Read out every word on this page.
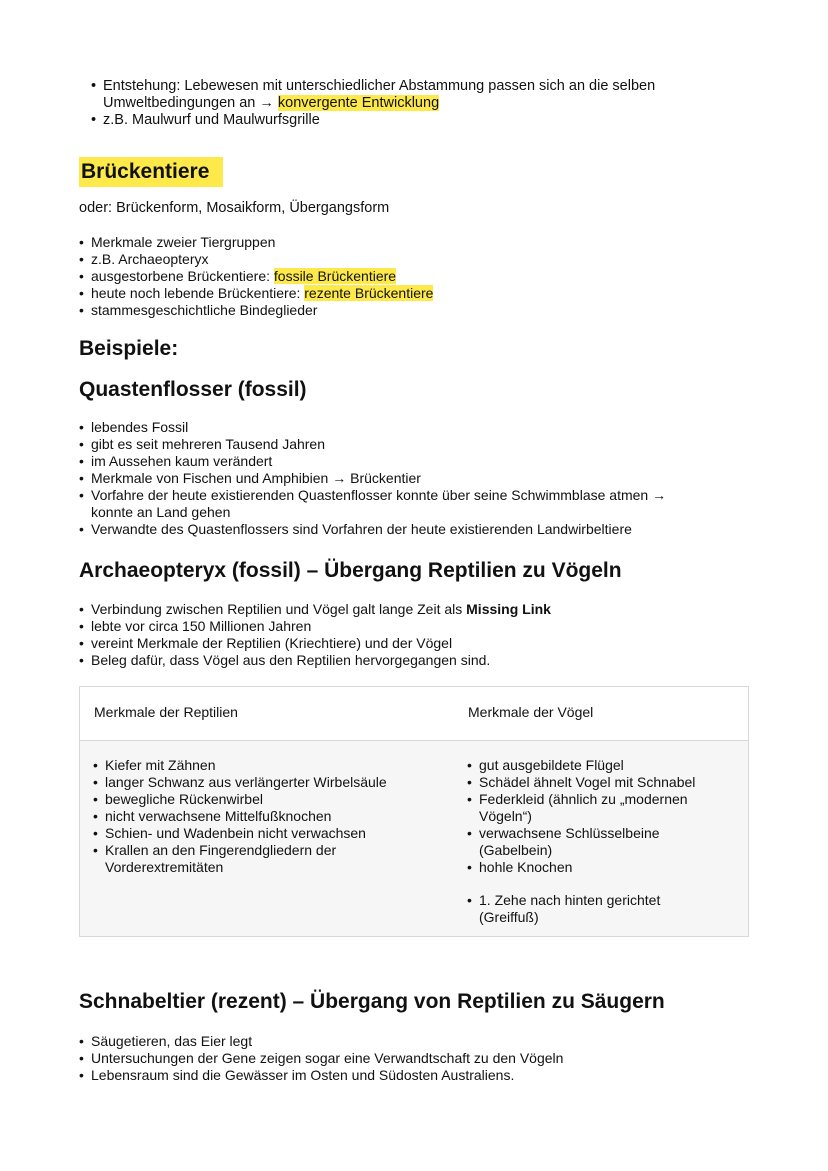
• Entstehung: Lebewesen mit unterschiedlicher Abstammung passen sich an die selben Umweltbedingungen an → konvergente Entwicklung
• z.B. Maulwurf und Maulwurfsgrille
Brückentiere
oder: Brückenform, Mosaikform, Übergangsform
• Merkmale zweier Tiergruppen
• z.B. Archaeopteryx
• ausgestorbene Brückentiere: fossile Brückentiere
• heute noch lebende Brückentiere: rezente Brückentiere
• stammesgeschichtliche Bindeglieder
Beispiele:
Quastenflosser (fossil)
• lebendes Fossil
• gibt es seit mehreren Tausend Jahren
• im Aussehen kaum verändert
• Merkmale von Fischen und Amphibien → Brückentier
• Vorfahre der heute existierenden Quastenflosser konnte über seine Schwimmblase atmen → konnte an Land gehen
• Verwandte des Quastenflossers sind Vorfahren der heute existierenden Landwirbeltiere
Archaeopteryx (fossil) – Übergang Reptilien zu Vögeln
• Verbindung zwischen Reptilien und Vögel galt lange Zeit als Missing Link
• lebte vor circa 150 Millionen Jahren
• vereint Merkmale der Reptilien (Kriechtiere) und der Vögel
• Beleg dafür, dass Vögel aus den Reptilien hervorgegangen sind.
Merkmale der Reptilien
• Kiefer mit Zähnen
• langer Schwanz aus verlängerter Wirbelsäule
• bewegliche Rückenwirbel
• nicht verwachsene Mittelfußknochen
• Schien- und Wadenbein nicht verwachsen
• Krallen an den Fingerendgliedern der Vorderextremitäten
Merkmale der Vögel
• gut ausgebildete Flügel
• Schädel ähnelt Vogel mit Schnabel
• Federkleid (ähnlich zu „modernen Vögeln“)
• verwachsene Schlüsselbeine (Gabelbein)
• hohle Knochen
• 1. Zehe nach hinten gerichtet (Greiffuß)
Schnabeltier (rezent) – Übergang von Reptilien zu Säugern
• Säugetieren, das Eier legt
• Untersuchungen der Gene zeigen sogar eine Verwandtschaft zu den Vögeln
• Lebensraum sind die Gewässer im Osten und Südosten Australiens.
